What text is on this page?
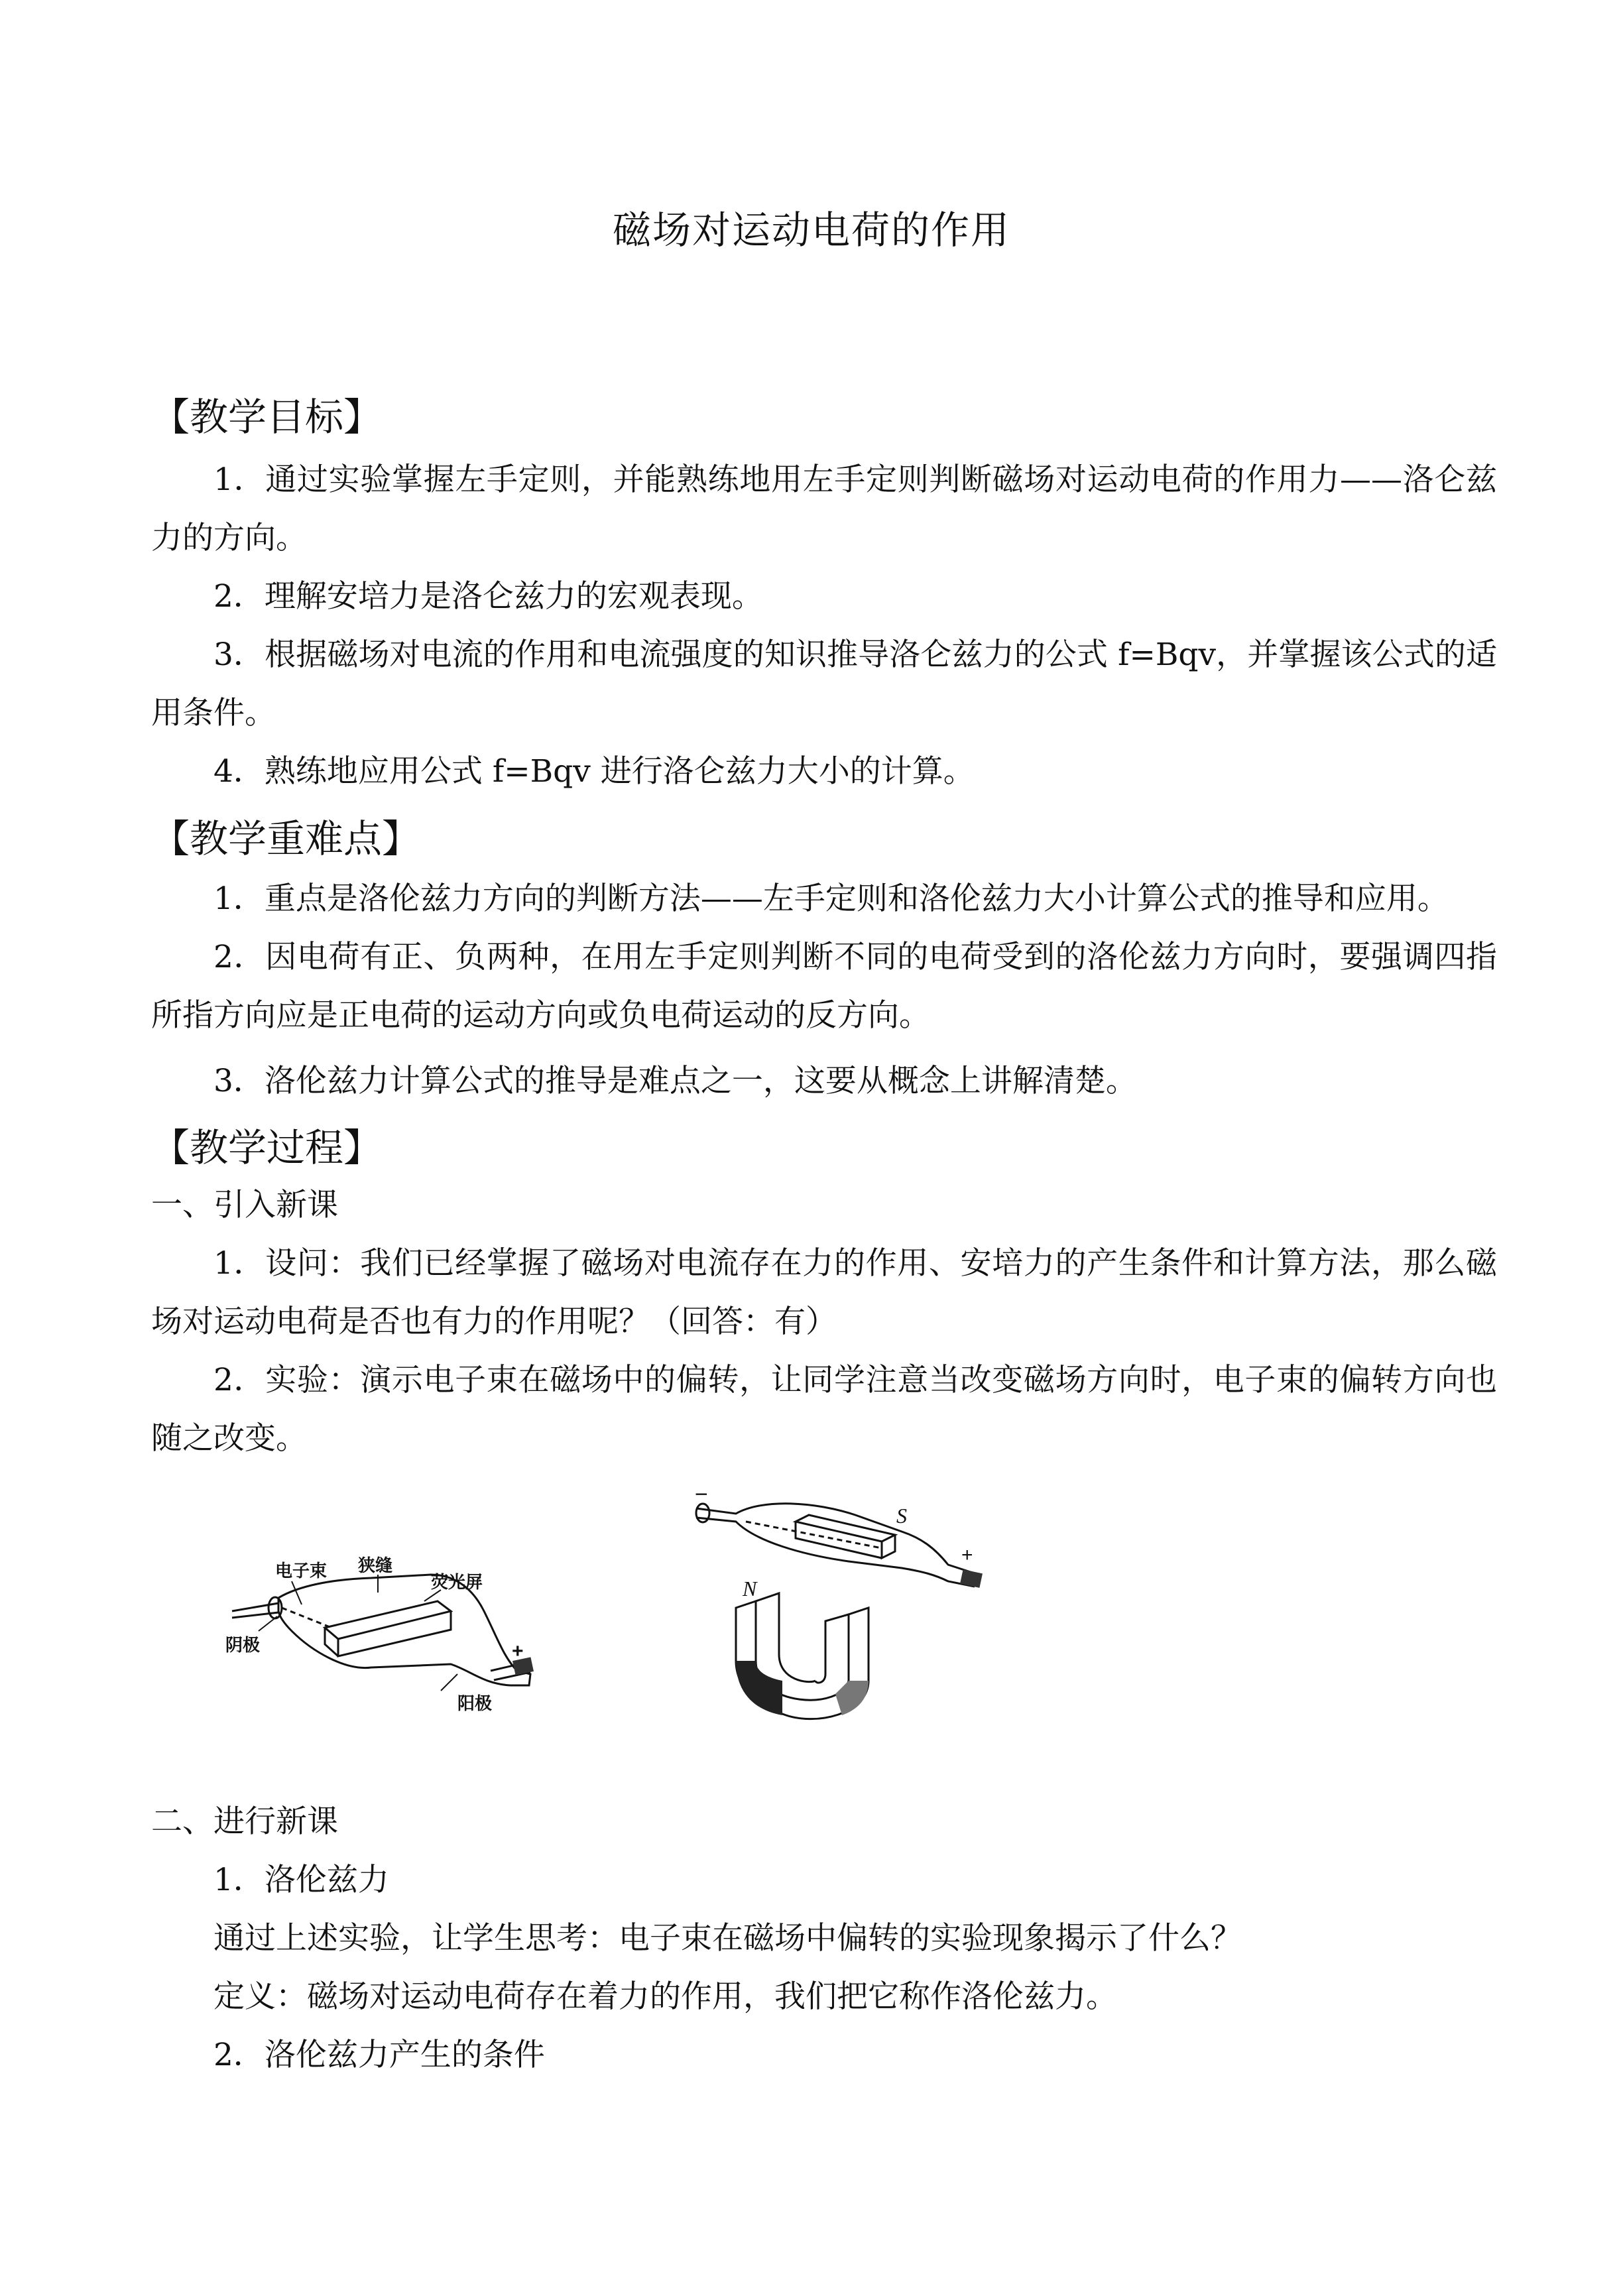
磁场对运动电荷的作用
【教学目标】

1．通过实验掌握左手定则，并能熟练地用左手定则判断磁场对运动电荷的作用力——洛仑兹力的方向。

2．理解安培力是洛仑兹力的宏观表现。

3．根据磁场对电流的作用和电流强度的知识推导洛仑兹力的公式 f=Bqv，并掌握该公式的适用条件。

4．熟练地应用公式 f=Bqv 进行洛仑兹力大小的计算。

【教学重难点】

1．重点是洛伦兹力方向的判断方法——左手定则和洛伦兹力大小计算公式的推导和应用。

2．因电荷有正、负两种，在用左手定则判断不同的电荷受到的洛伦兹力方向时，要强调四指所指方向应是正电荷的运动方向或负电荷运动的反方向。

3．洛伦兹力计算公式的推导是难点之一，这要从概念上讲解清楚。

【教学过程】

一、引入新课

1．设问：我们已经掌握了磁场对电流存在力的作用、安培力的产生条件和计算方法，那么磁场对运动电荷是否也有力的作用呢？（回答：有）

2．实验：演示电子束在磁场中的偏转，让同学注意当改变磁场方向时，电子束的偏转方向也随之改变。

电子束 狭缝
荧光屏
阴极
阳极
+
−
S
N
+

二、进行新课

1．洛伦兹力

通过上述实验，让学生思考：电子束在磁场中偏转的实验现象揭示了什么？

定义：磁场对运动电荷存在着力的作用，我们把它称作洛伦兹力。

2．洛伦兹力产生的条件
